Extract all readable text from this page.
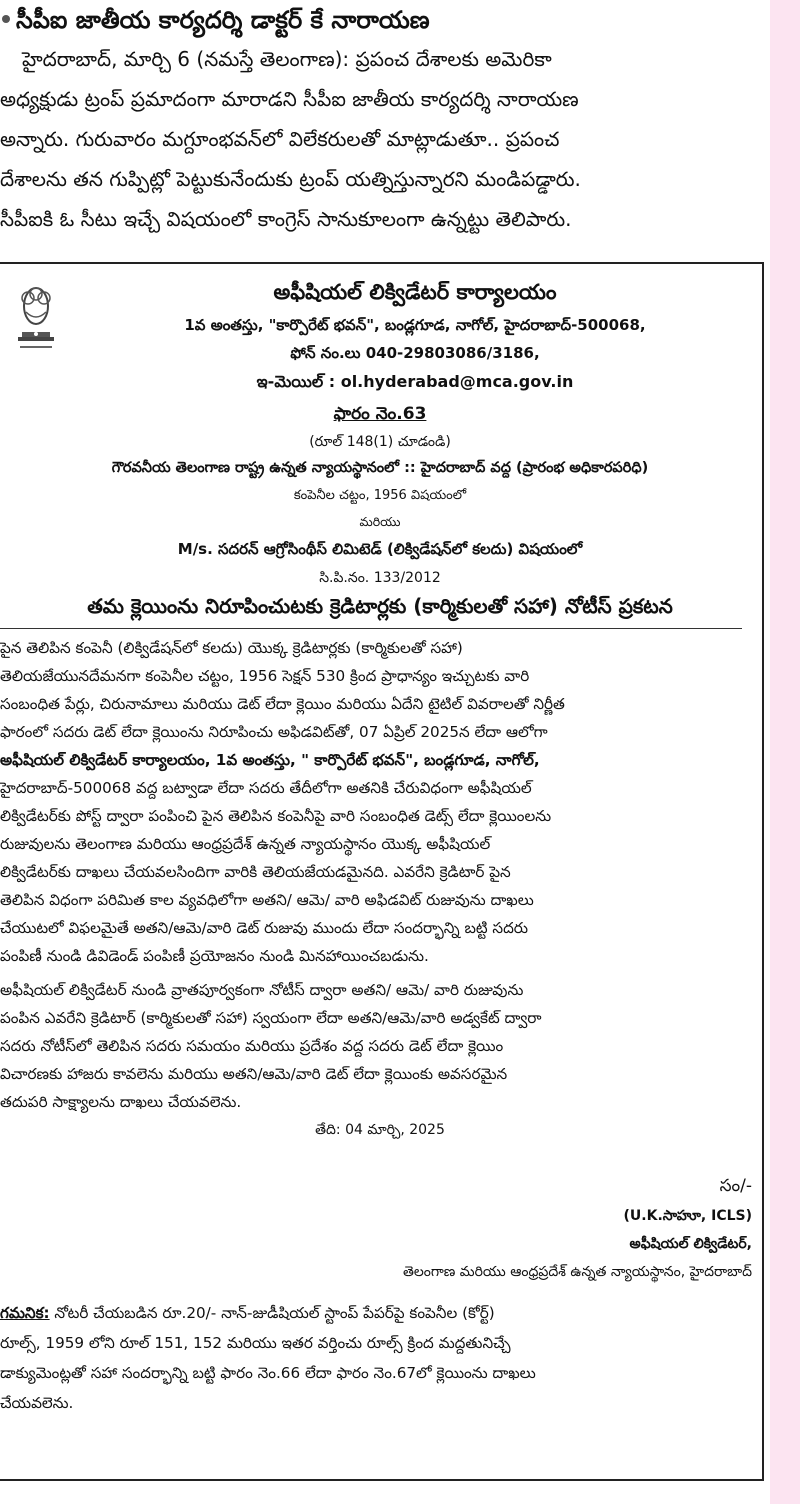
సీపీఐ జాతీయ కార్యదర్శి డాక్టర్ కే నారాయణ
హైదరాబాద్, మార్చి 6 (నమస్తే తెలంగాణ): ప్రపంచ దేశాలకు అమెరికా
అధ్యక్షుడు ట్రంప్ ప్రమాదంగా మారాడని సీపీఐ జాతీయ కార్యదర్శి నారాయణ
అన్నారు. గురువారం మగ్దూంభవన్‌లో విలేకరులతో మాట్లాడుతూ.. ప్రపంచ
దేశాలను తన గుప్పిట్లో పెట్టుకునేందుకు ట్రంప్ యత్నిస్తున్నారని మండిపడ్డారు.
సీపీఐకి ఓ సీటు ఇచ్చే విషయంలో కాంగ్రెస్ సానుకూలంగా ఉన్నట్టు తెలిపారు.
అఫీషియల్ లిక్విడేటర్ కార్యాలయం
1వ అంతస్తు, "కార్పొరేట్ భవన్", బండ్లగూడ, నాగోల్, హైదరాబాద్-500068,
ఫోన్ నం.లు 040-29803086/3186,
ఇ-మెయిల్ : ol.hyderabad@mca.gov.in
ఫారం నెం.63
(రూల్ 148(1) చూడండి)
గౌరవనీయ తెలంగాణ రాష్ట్ర ఉన్నత న్యాయస్థానంలో :: హైదరాబాద్ వద్ద (ప్రారంభ అధికారపరిధి)
కంపెనీల చట్టం, 1956 విషయంలో
మరియు
M/s. సదరన్ ఆగ్రోసింథీస్ లిమిటెడ్ (లిక్విడేషన్‌లో కలదు) విషయంలో
సి.పి.నం. 133/2012
తమ క్లెయింను నిరూపించుటకు క్రెడిటార్లకు (కార్మికులతో సహా) నోటీస్ ప్రకటన
పైన తెలిపిన కంపెనీ (లిక్విడేషన్‌లో కలదు) యొక్క క్రెడిటార్లకు (కార్మికులతో సహా)
తెలియజేయునదేమనగా కంపెనీల చట్టం, 1956 సెక్షన్ 530 క్రింద ప్రాధాన్యం ఇచ్చుటకు వారి
సంబంధిత పేర్లు, చిరునామాలు మరియు డెట్ లేదా క్లెయిం మరియు ఏదేని టైటిల్ వివరాలతో నిర్ణీత
ఫారంలో సదరు డెట్ లేదా క్లెయింను నిరూపించు అఫిడవిట్‌తో, 07 ఏప్రిల్ 2025న లేదా ఆలోగా
అఫీషియల్ లిక్విడేటర్ కార్యాలయం, 1వ అంతస్తు, " కార్పొరేట్ భవన్", బండ్లగూడ, నాగోల్,
హైదరాబాద్-500068 వద్ద బట్వాడా లేదా సదరు తేదీలోగా అతనికి చేరువిధంగా అఫీషియల్
లిక్విడేటర్‌కు పోస్ట్ ద్వారా పంపించి పైన తెలిపిన కంపెనీపై వారి సంబంధిత డెట్స్ లేదా క్లెయింలను
రుజువులను తెలంగాణ మరియు ఆంధ్రప్రదేశ్ ఉన్నత న్యాయస్థానం యొక్క అఫీషియల్
లిక్విడేటర్‌కు దాఖలు చేయవలసిందిగా వారికి తెలియజేయడమైనది. ఎవరేని క్రెడిటార్ పైన
తెలిపిన విధంగా పరిమిత కాల వ్యవధిలోగా అతని/ ఆమె/ వారి అఫిడవిట్ రుజువును దాఖలు
చేయుటలో విఫలమైతే అతని/ఆమె/వారి డెట్ రుజువు ముందు లేదా సందర్భాన్ని బట్టి సదరు
పంపిణీ నుండి డివిడెండ్ పంపిణీ ప్రయోజనం నుండి మినహాయించబడును.
అఫీషియల్ లిక్విడేటర్ నుండి వ్రాతపూర్వకంగా నోటీస్ ద్వారా అతని/ ఆమె/ వారి రుజువును
పంపిన ఎవరేని క్రెడిటార్ (కార్మికులతో సహా) స్వయంగా లేదా అతని/ఆమె/వారి అడ్వకేట్ ద్వారా
సదరు నోటీస్‌లో తెలిపిన సదరు సమయం మరియు ప్రదేశం వద్ద సదరు డెట్ లేదా క్లెయిం
విచారణకు హాజరు కావలెను మరియు అతని/ఆమె/వారి డెట్ లేదా క్లెయింకు అవసరమైన
తదుపరి సాక్ష్యాలను దాఖలు చేయవలెను.
తేది: 04 మార్చి, 2025
సం/-
(U.K.సాహూ, ICLS)
అఫీషియల్ లిక్విడేటర్,
తెలంగాణ మరియు ఆంధ్రప్రదేశ్ ఉన్నత న్యాయస్థానం, హైదరాబాద్
గమనిక: నోటరీ చేయబడిన రూ.20/- నాన్-జుడీషియల్ స్టాంప్ పేపర్‌పై కంపెనీల (కోర్ట్)
రూల్స్, 1959 లోని రూల్ 151, 152 మరియు ఇతర వర్తించు రూల్స్ క్రింద మద్దతునిచ్చే
డాక్యుమెంట్లతో సహా సందర్భాన్ని బట్టి ఫారం నెం.66 లేదా ఫారం నెం.67లో క్లెయింను దాఖలు
చేయవలెను.
